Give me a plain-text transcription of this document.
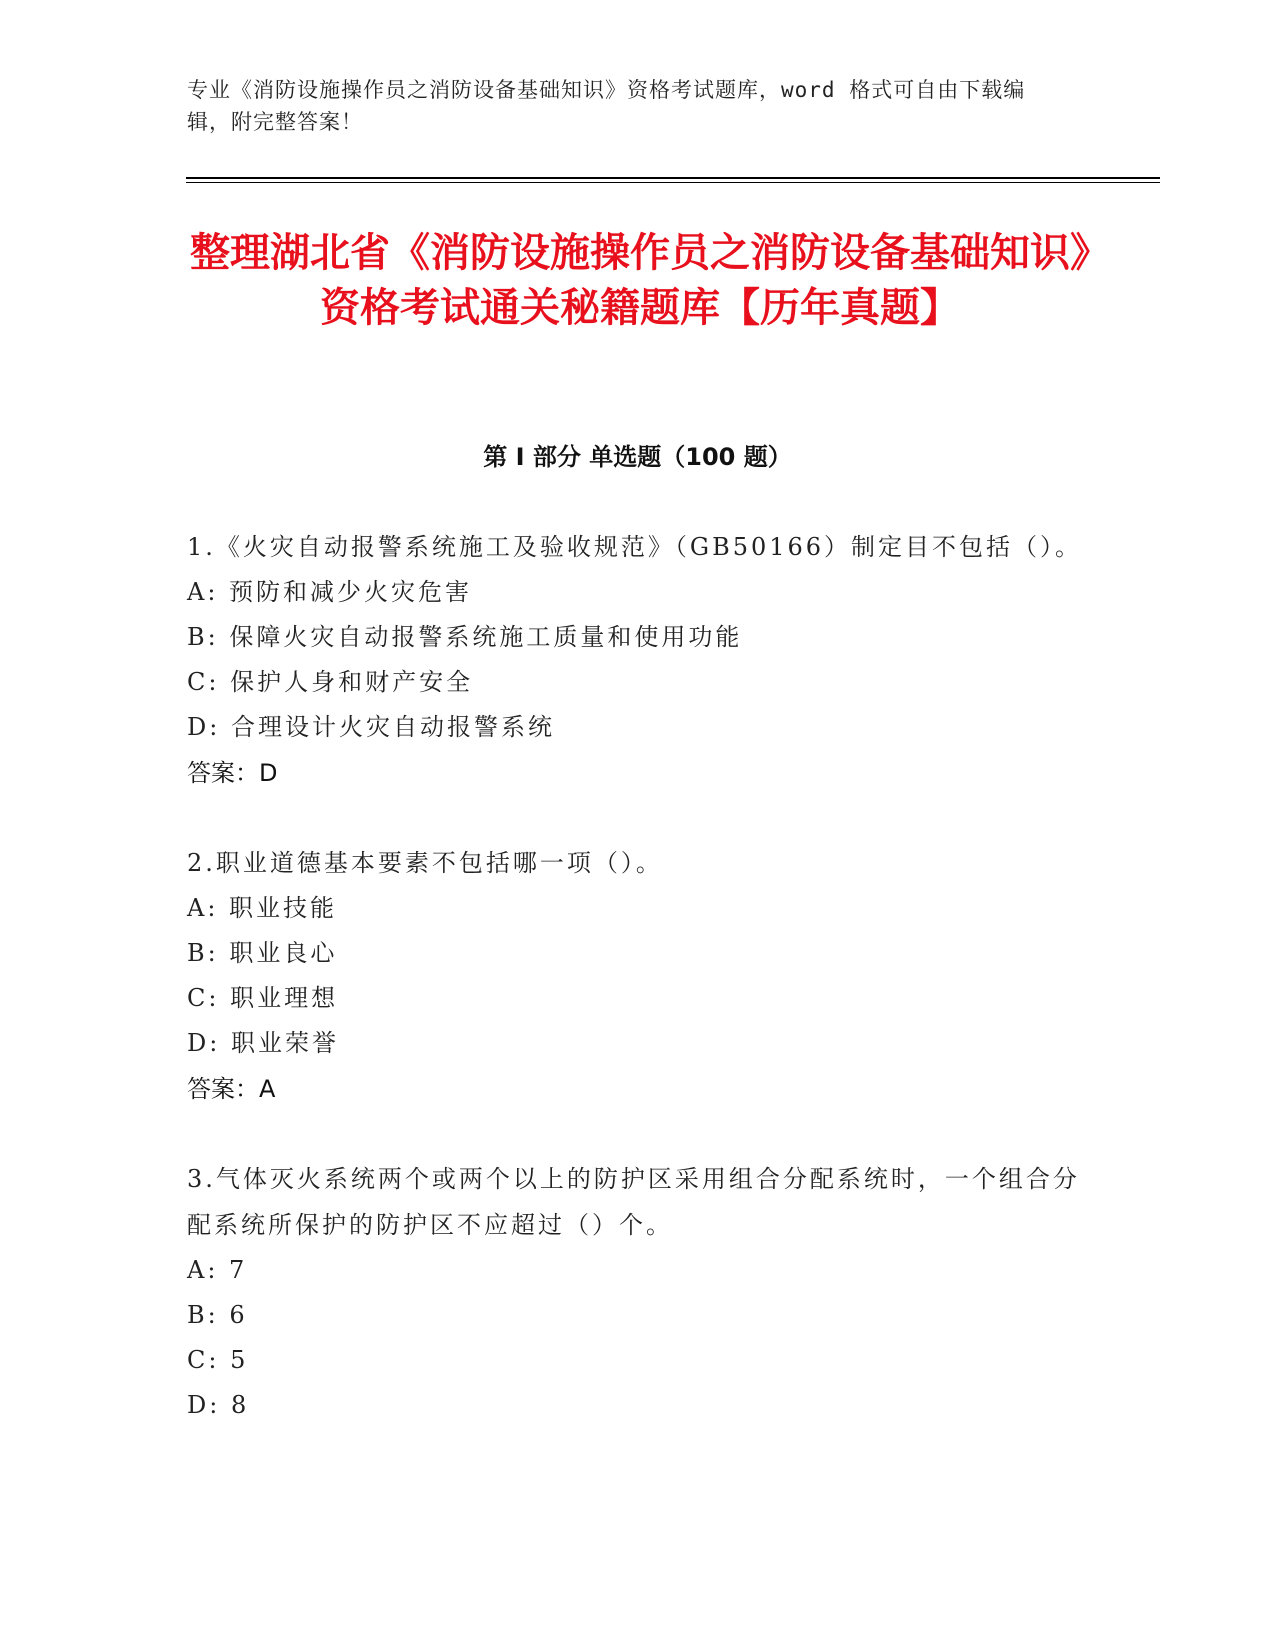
专业《消防设施操作员之消防设备基础知识》资格考试题库，word 格式可自由下载编辑，附完整答案！
整理湖北省《消防设施操作员之消防设备基础知识》资格考试通关秘籍题库【历年真题】
第 I 部分 单选题（100 题）

1.《火灾自动报警系统施工及验收规范》（GB50166）制定目不包括（）。

A: 预防和减少火灾危害

B: 保障火灾自动报警系统施工质量和使用功能

C: 保护人身和财产安全

D: 合理设计火灾自动报警系统

答案：D

2.职业道德基本要素不包括哪一项（）。

A: 职业技能

B: 职业良心

C: 职业理想

D: 职业荣誉

答案：A

3.气体灭火系统两个或两个以上的防护区采用组合分配系统时，一个组合分配系统所保护的防护区不应超过（）个。

A: 7

B: 6

C: 5

D: 8
